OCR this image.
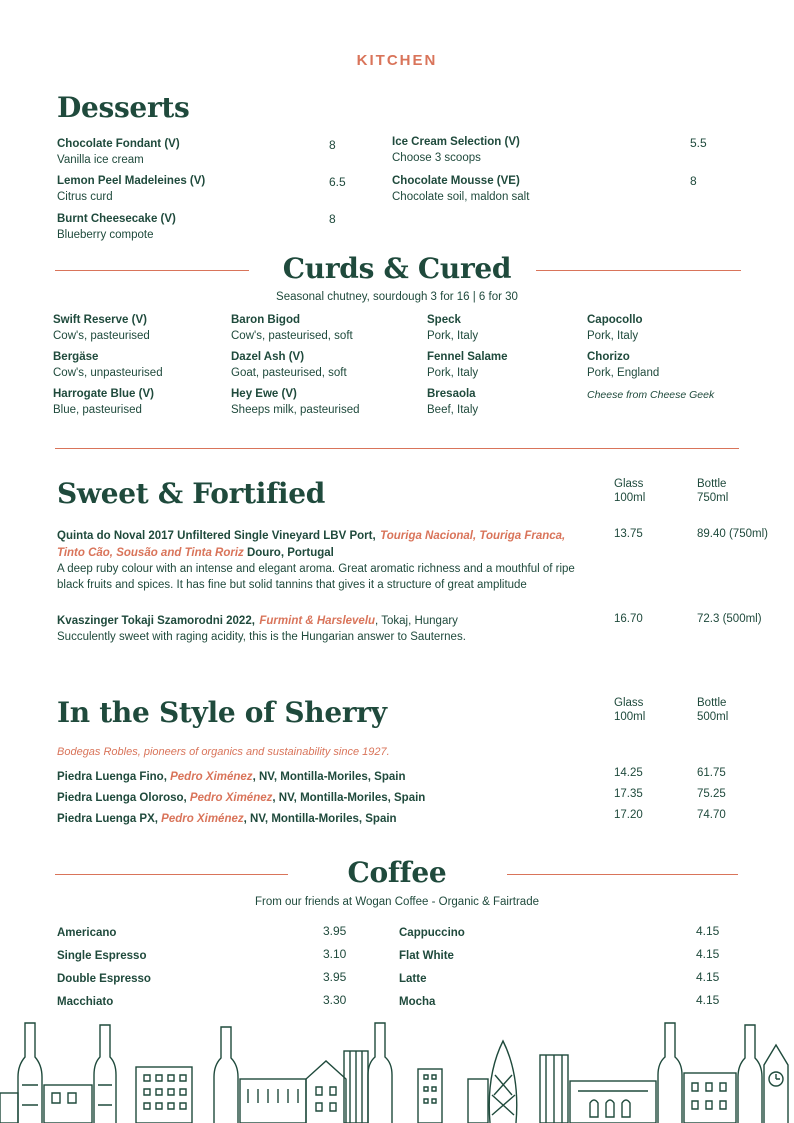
KITCHEN
Desserts
Chocolate Fondant (V)
Vanilla ice cream
8
Lemon Peel Madeleines (V)
Citrus curd
6.5
Burnt Cheesecake (V)
Blueberry compote
8
Ice Cream Selection (V)
Choose 3 scoops
5.5
Chocolate Mousse (VE)
Chocolate soil, maldon salt
8
Curds & Cured
Seasonal chutney, sourdough 3 for 16 | 6 for 30
Swift Reserve (V)
Cow's, pasteurised
Bergäse
Cow's, unpasteurised
Harrogate Blue (V)
Blue, pasteurised
Baron Bigod
Cow's, pasteurised, soft
Dazel Ash (V)
Goat, pasteurised, soft
Hey Ewe (V)
Sheeps milk, pasteurised
Speck
Pork, Italy
Fennel Salame
Pork, Italy
Bresaola
Beef, Italy
Capocollo
Pork, Italy
Chorizo
Pork, England
Cheese from Cheese Geek
Sweet & Fortified	Glass
100ml
Bottle
750ml
Quinta do Noval 2017 Unfiltered Single Vineyard LBV Port, Touriga Nacional, Touriga Franca,
Tinto Cão, Sousão and Tinta Roriz Douro, Portugal
A deep ruby colour with an intense and elegant aroma. Great aromatic richness and a mouthful of ripe
black fruits and spices. It has fine but solid tannins that gives it a structure of great amplitude
13.75	89.40 (750ml)
Kvaszinger Tokaji Szamorodni 2022, Furmint & Harslevelu, Tokaj, Hungary
Succulently sweet with raging acidity, this is the Hungarian answer to Sauternes.
16.70	72.3 (500ml)
In the Style of Sherry	Glass
100ml
Bottle
500ml
Bodegas Robles, pioneers of organics and sustainability since 1927.
Piedra Luenga Fino, Pedro Ximénez, NV, Montilla-Moriles, Spain	14.25	61.75
Piedra Luenga Oloroso, Pedro Ximénez, NV, Montilla-Moriles, Spain	17.35	75.25
Piedra Luenga PX, Pedro Ximénez, NV, Montilla-Moriles, Spain	17.20	74.70
Coffee
From our friends at Wogan Coffee - Organic & Fairtrade
Americano	3.95
Single Espresso	3.10
Double Espresso	3.95
Macchiato	3.30
Cappuccino	4.15
Flat White	4.15
Latte	4.15
Mocha	4.15
